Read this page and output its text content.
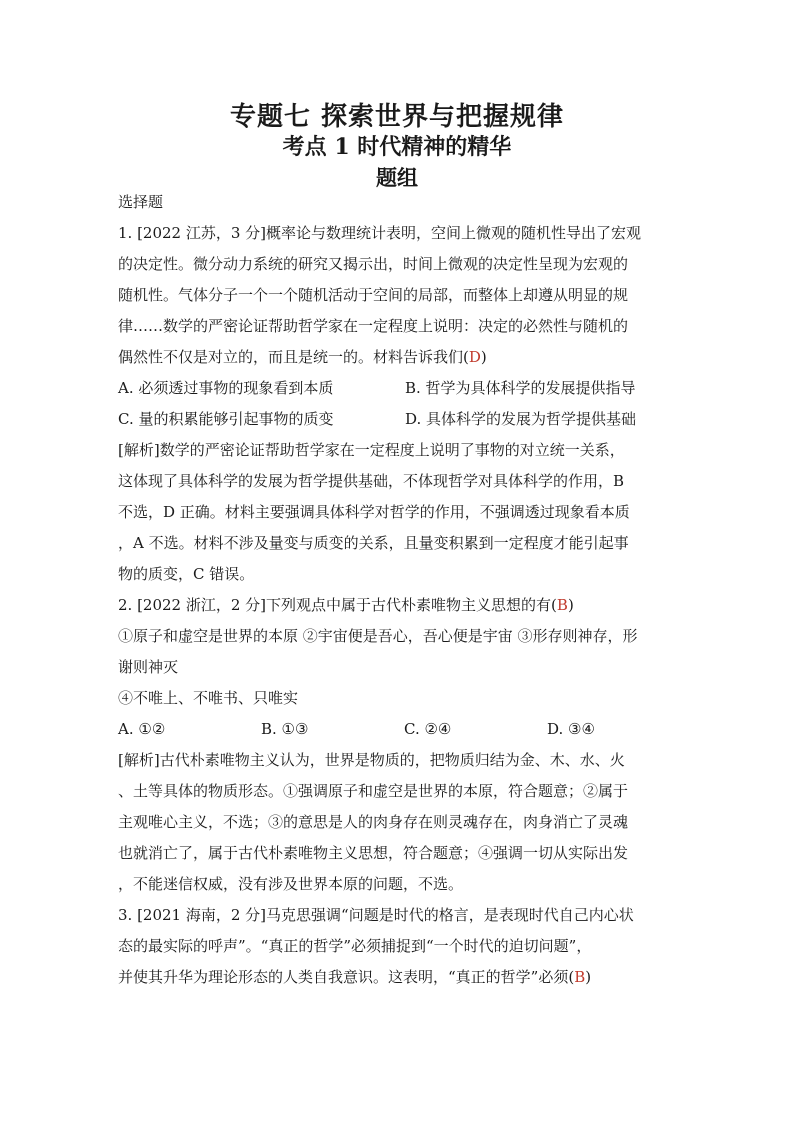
专题七 探索世界与把握规律
考点 1 时代精神的精华
题组
选择题
1. [2022 江苏，3 分]概率论与数理统计表明，空间上微观的随机性导出了宏观
的决定性。微分动力系统的研究又揭示出，时间上微观的决定性呈现为宏观的
随机性。气体分子一个一个随机活动于空间的局部，而整体上却遵从明显的规
律……数学的严密论证帮助哲学家在一定程度上说明：决定的必然性与随机的
偶然性不仅是对立的，而且是统一的。材料告诉我们(D)
A. 必须透过事物的现象看到本质	B. 哲学为具体科学的发展提供指导
C. 量的积累能够引起事物的质变	D. 具体科学的发展为哲学提供基础
[解析]数学的严密论证帮助哲学家在一定程度上说明了事物的对立统一关系，
这体现了具体科学的发展为哲学提供基础，不体现哲学对具体科学的作用，B
不选，D 正确。材料主要强调具体科学对哲学的作用，不强调透过现象看本质
，A 不选。材料不涉及量变与质变的关系，且量变积累到一定程度才能引起事
物的质变，C 错误。
2. [2022 浙江，2 分]下列观点中属于古代朴素唯物主义思想的有(B)
①原子和虚空是世界的本原 ②宇宙便是吾心，吾心便是宇宙 ③形存则神存，形
谢则神灭
④不唯上、不唯书、只唯实
A. ①②	B. ①③	C. ②④	D. ③④
[解析]古代朴素唯物主义认为，世界是物质的，把物质归结为金、木、水、火
、土等具体的物质形态。①强调原子和虚空是世界的本原，符合题意；②属于
主观唯心主义，不选；③的意思是人的肉身存在则灵魂存在，肉身消亡了灵魂
也就消亡了，属于古代朴素唯物主义思想，符合题意；④强调一切从实际出发
，不能迷信权威，没有涉及世界本原的问题，不选。
3. [2021 海南，2 分]马克思强调“问题是时代的格言，是表现时代自己内心状
态的最实际的呼声”。“真正的哲学”必须捕捉到“一个时代的迫切问题”，
并使其升华为理论形态的人类自我意识。这表明，“真正的哲学”必须(B)
